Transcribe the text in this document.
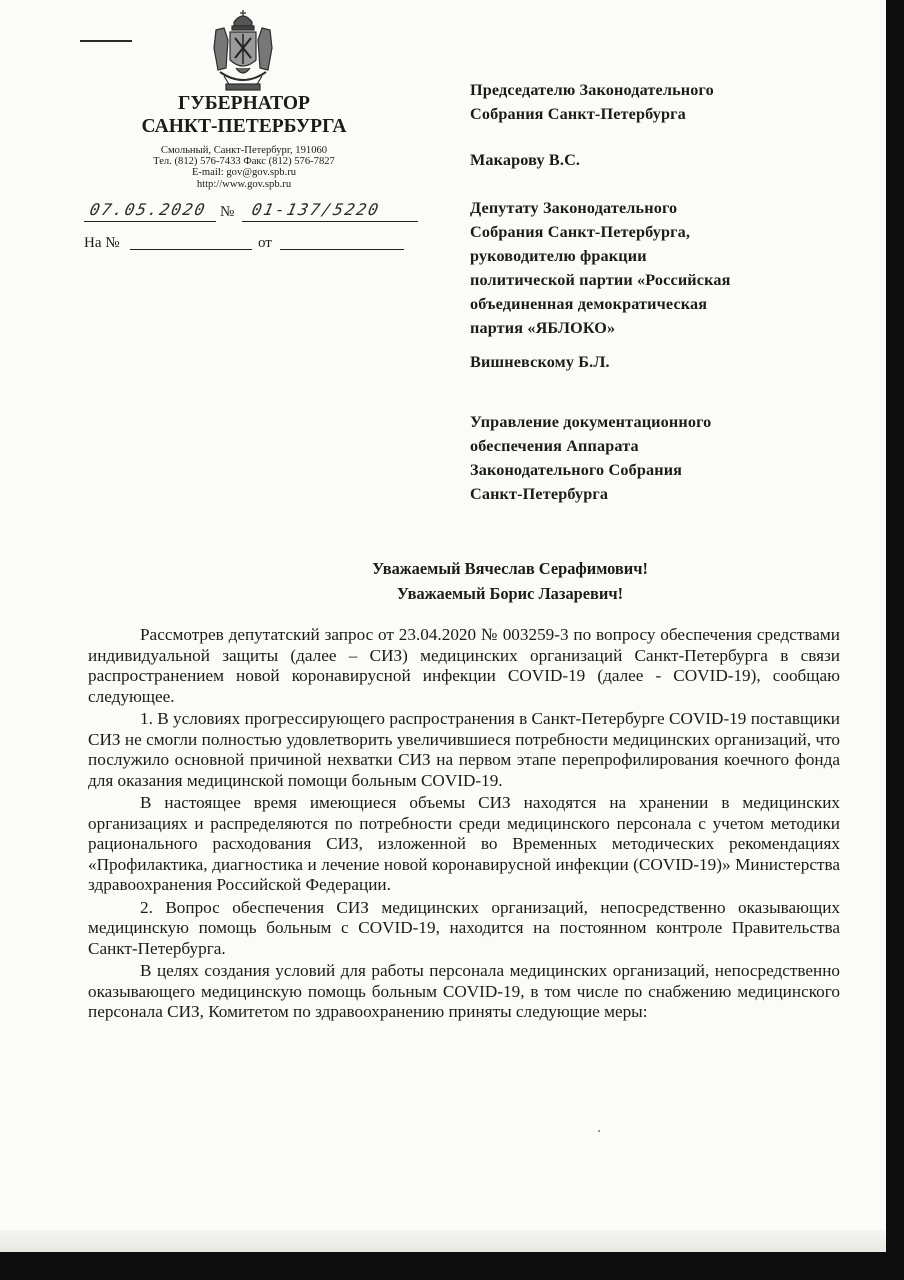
ГУБЕРНАТОР
САНКТ-ПЕТЕРБУРГА
Смольный, Санкт-Петербург, 191060
Тел. (812) 576-7433 Факс (812) 576-7827
E-mail: gov@gov.spb.ru
http://www.gov.spb.ru
07.05.2020 № 01-137/5220
На №	от
Председателю Законодательного
Собрания Санкт-Петербурга
Макарову В.С.
Депутату Законодательного
Собрания Санкт-Петербурга,
руководителю фракции
политической партии «Российская
объединенная демократическая
партия «ЯБЛОКО»
Вишневскому Б.Л.
Управление документационного
обеспечения Аппарата
Законодательного Собрания
Санкт-Петербурга
Уважаемый Вячеслав Серафимович!
Уважаемый Борис Лазаревич!

Рассмотрев депутатский запрос от 23.04.2020 № 003259-3 по вопросу обеспечения средствами индивидуальной защиты (далее – СИЗ) медицинских организаций Санкт-Петербурга в связи распространением новой коронавирусной инфекции COVID-19 (далее - COVID-19), сообщаю следующее.

1. В условиях прогрессирующего распространения в Санкт-Петербурге COVID-19 поставщики СИЗ не смогли полностью удовлетворить увеличившиеся потребности медицинских организаций, что послужило основной причиной нехватки СИЗ на первом этапе перепрофилирования коечного фонда для оказания медицинской помощи больным COVID-19.

В настоящее время имеющиеся объемы СИЗ находятся на хранении в медицинских организациях и распределяются по потребности среди медицинского персонала с учетом методики рационального расходования СИЗ, изложенной во Временных методических рекомендациях «Профилактика, диагностика и лечение новой коронавирусной инфекции (COVID-19)» Министерства здравоохранения Российской Федерации.

2. Вопрос обеспечения СИЗ медицинских организаций, непосредственно оказывающих медицинскую помощь больным с COVID-19, находится на постоянном контроле Правительства Санкт-Петербурга.

В целях создания условий для работы персонала медицинских организаций, непосредственно оказывающего медицинскую помощь больным COVID-19, в том числе по снабжению медицинского персонала СИЗ, Комитетом по здравоохранению приняты следующие меры:
